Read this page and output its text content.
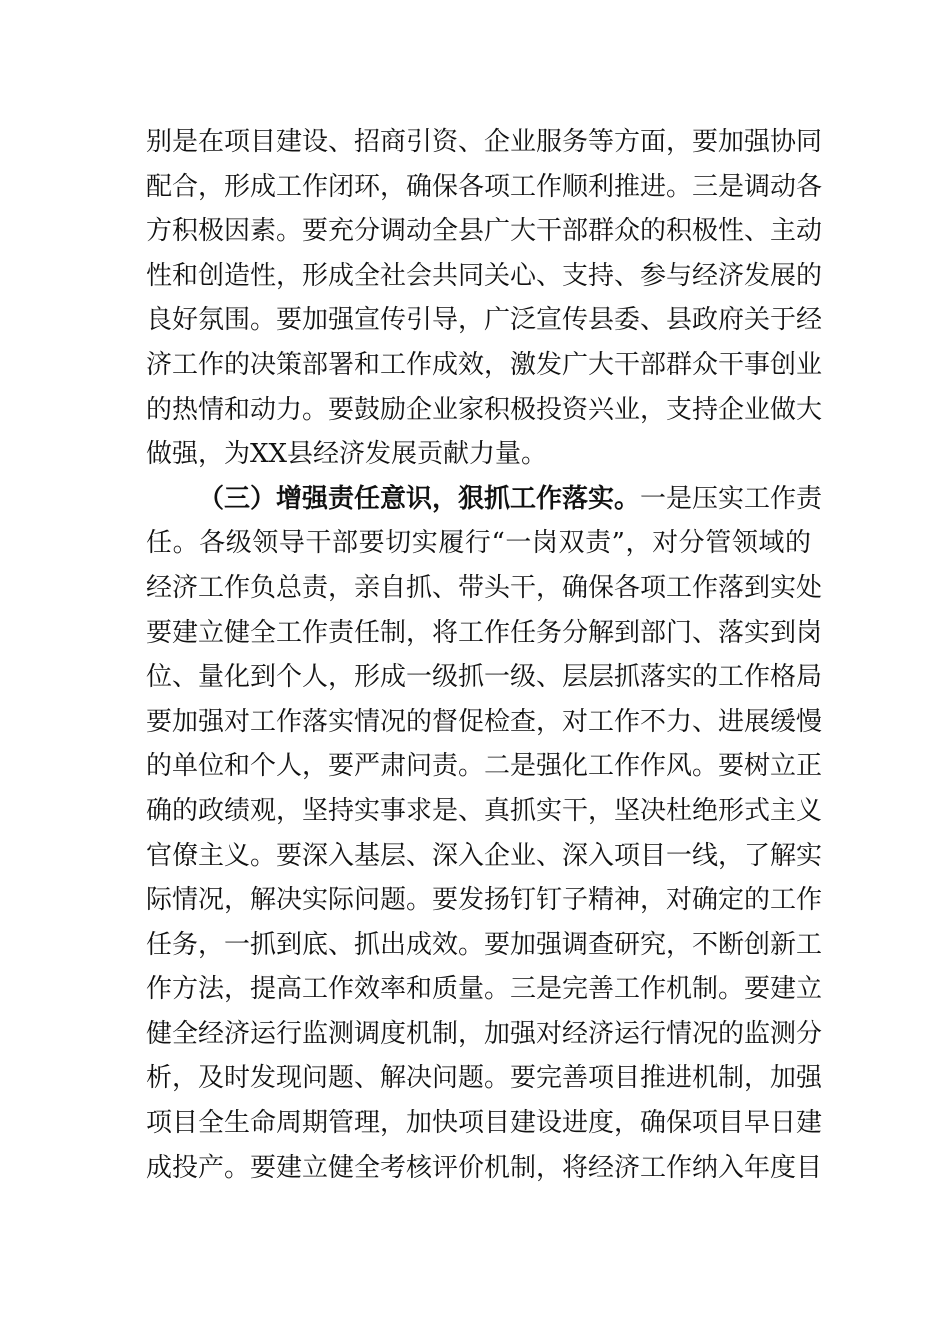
别是在项目建设、招商引资、企业服务等方面，要加强协同
配合，形成工作闭环，确保各项工作顺利推进。三是调动各
方积极因素。要充分调动全县广大干部群众的积极性、主动
性和创造性，形成全社会共同关心、支持、参与经济发展的
良好氛围。要加强宣传引导，广泛宣传县委、县政府关于经
济工作的决策部署和工作成效，激发广大干部群众干事创业
的热情和动力。要鼓励企业家积极投资兴业，支持企业做大
做强，为XX县经济发展贡献力量。
（三）增强责任意识，狠抓工作落实。一是压实工作责
任。各级领导干部要切实履行“一岗双责”，对分管领域的
经济工作负总责，亲自抓、带头干，确保各项工作落到实处
要建立健全工作责任制，将工作任务分解到部门、落实到岗
位、量化到个人，形成一级抓一级、层层抓落实的工作格局
要加强对工作落实情况的督促检查，对工作不力、进展缓慢
的单位和个人，要严肃问责。二是强化工作作风。要树立正
确的政绩观，坚持实事求是、真抓实干，坚决杜绝形式主义
官僚主义。要深入基层、深入企业、深入项目一线，了解实
际情况，解决实际问题。要发扬钉钉子精神，对确定的工作
任务，一抓到底、抓出成效。要加强调查研究，不断创新工
作方法，提高工作效率和质量。三是完善工作机制。要建立
健全经济运行监测调度机制，加强对经济运行情况的监测分
析，及时发现问题、解决问题。要完善项目推进机制，加强
项目全生命周期管理，加快项目建设进度，确保项目早日建
成投产。要建立健全考核评价机制，将经济工作纳入年度目
